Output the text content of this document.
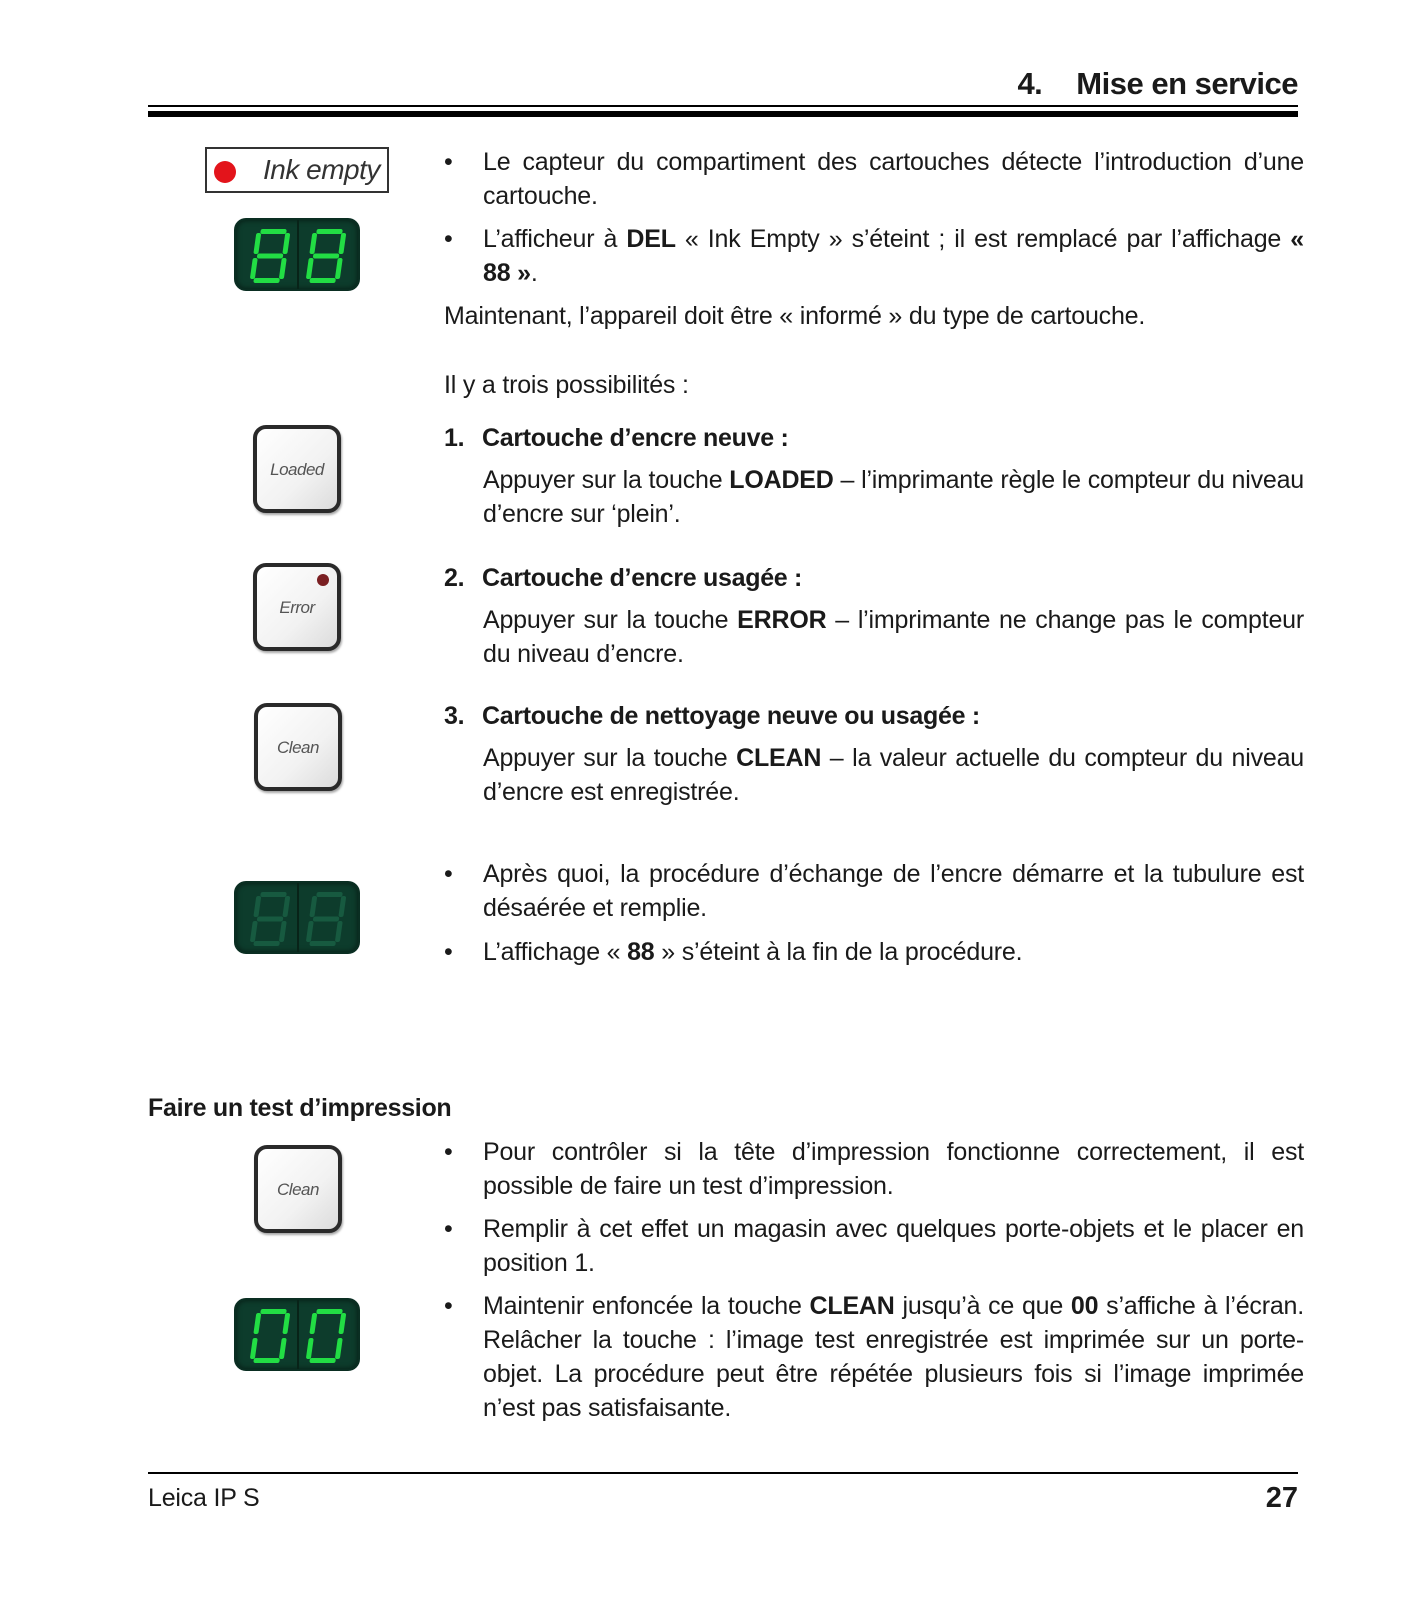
4. Mise en service
Ink empty	• Le capteur du compartiment des cartouches détecte l’introduction d’une cartouche.
• L’afficheur à DEL « Ink Empty » s’éteint ; il est remplacé par l’affichage « 88 ».
Maintenant, l’appareil doit être « informé » du type de cartouche.
Il y a trois possibilités :
1. Cartouche d’encre neuve :
Appuyer sur la touche LOADED – l’imprimante règle le compteur du niveau d’encre sur ‘plein’.
2. Cartouche d’encre usagée :
Appuyer sur la touche ERROR – l’imprimante ne change pas le compteur du niveau d’encre.
3. Cartouche de nettoyage neuve ou usagée :
Appuyer sur la touche CLEAN – la valeur actuelle du compteur du niveau d’encre est enregistrée.
Loaded
Error
Clean
• Après quoi, la procédure d’échange de l’encre démarre et la tubulure est désaérée et remplie.
• L’affichage « 88 » s’éteint à la fin de la procédure.
Faire un test d’impression
Clean
• Pour contrôler si la tête d’impression fonctionne correctement, il est possible de faire un test d’impression.
• Remplir à cet effet un magasin avec quelques porte-objets et le placer en position 1.
• Maintenir enfoncée la touche CLEAN jusqu’à ce que 00 s’affiche à l’écran. Relâcher la touche : l’image test enregistrée est imprimée sur un porte-objet. La procédure peut être répétée plusieurs fois si l’image imprimée n’est pas satisfaisante.
Leica IP S	27
